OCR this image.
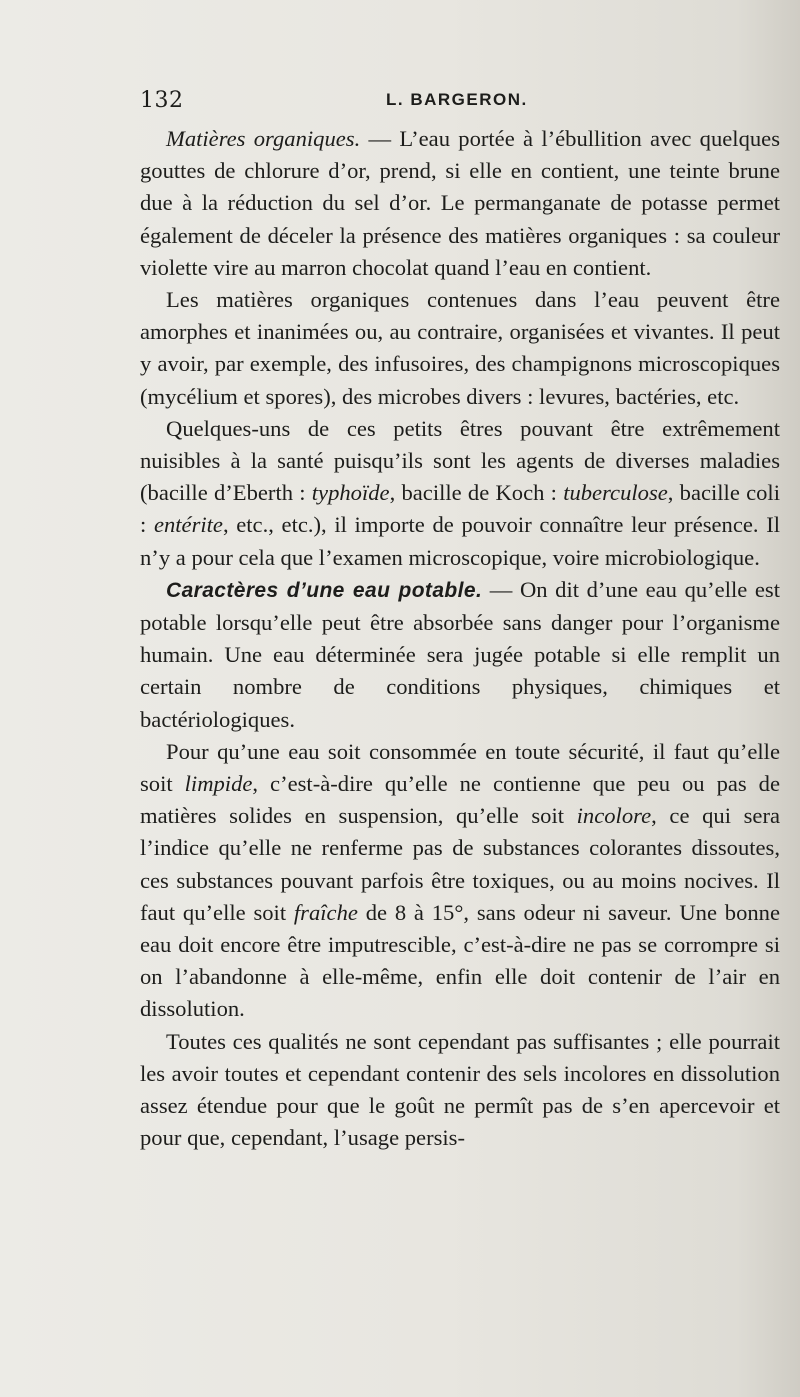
132	L. BARGERON.

Matières organiques. — L’eau portée à l’ébullition avec quelques gouttes de chlorure d’or, prend, si elle en contient, une teinte brune due à la réduction du sel d’or. Le permanganate de potasse permet également de déceler la présence des matières organiques : sa couleur violette vire au marron chocolat quand l’eau en contient.

Les matières organiques contenues dans l’eau peuvent être amorphes et inanimées ou, au contraire, organisées et vivantes. Il peut y avoir, par exemple, des infusoires, des champignons microscopiques (mycélium et spores), des microbes divers : levures, bactéries, etc.

Quelques-uns de ces petits êtres pouvant être extrêmement nuisibles à la santé puisqu’ils sont les agents de diverses maladies (bacille d’Eberth : typhoïde, bacille de Koch : tuberculose, bacille coli : entérite, etc., etc.), il importe de pouvoir connaître leur présence. Il n’y a pour cela que l’examen microscopique, voire microbiologique.

Caractères d’une eau potable. — On dit d’une eau qu’elle est potable lorsqu’elle peut être absorbée sans danger pour l’organisme humain. Une eau déterminée sera jugée potable si elle remplit un certain nombre de conditions physiques, chimiques et bactériologiques.

Pour qu’une eau soit consommée en toute sécurité, il faut qu’elle soit limpide, c’est-à-dire qu’elle ne contienne que peu ou pas de matières solides en suspension, qu’elle soit incolore, ce qui sera l’indice qu’elle ne renferme pas de substances colorantes dissoutes, ces substances pouvant parfois être toxiques, ou au moins nocives. Il faut qu’elle soit fraîche de 8 à 15°, sans odeur ni saveur. Une bonne eau doit encore être imputrescible, c’est-à-dire ne pas se corrompre si on l’abandonne à elle-même, enfin elle doit contenir de l’air en dissolution.

Toutes ces qualités ne sont cependant pas suffisantes ; elle pourrait les avoir toutes et cependant contenir des sels incolores en dissolution assez étendue pour que le goût ne permît pas de s’en apercevoir et pour que, cependant, l’usage persis-
